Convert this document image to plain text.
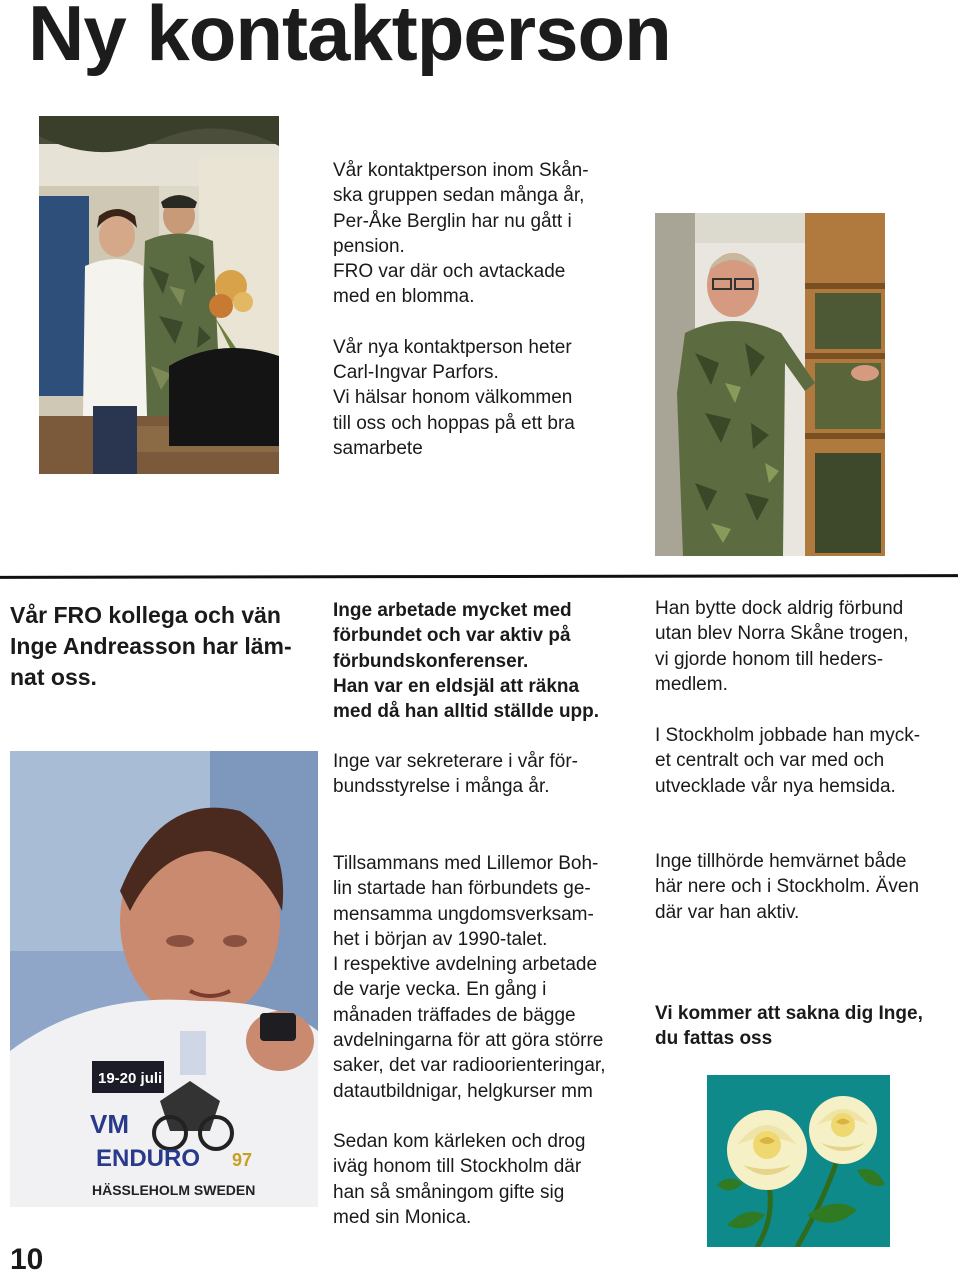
Ny kontaktperson

Vår kontaktperson inom Skån-

ska gruppen sedan många år,

Per-Åke Berglin har nu gått i

pension.

FRO var där och avtackade

med en blomma.

Vår nya kontaktperson heter

Carl-Ingvar Parfors.

Vi hälsar honom välkommen

till oss och hoppas på ett bra

samarbete

Vår FRO kollega och vän
Inge Andreasson har läm-
nat oss.
19-20 juli
VM
ENDURO 97
HÄSSLEHOLM SWEDEN

Inge arbetade mycket med

förbundet och var aktiv på

förbundskonferenser.

Han var en eldsjäl att räkna

med då han alltid ställde upp.

Inge var sekreterare i vår för-

bundsstyrelse i många år.

Han bytte dock aldrig förbund

utan blev Norra Skåne trogen,

vi gjorde honom till heders-

medlem.

I Stockholm jobbade han myck-

et centralt och var med och

utvecklade vår nya hemsida.

Tillsammans med Lillemor Boh-

lin startade han förbundets ge-

mensamma ungdomsverksam-

het i början av 1990-talet.

I respektive avdelning arbetade

de varje vecka. En gång i

månaden träffades de bägge

avdelningarna för att göra större

saker, det var radioorienteringar,

datautbildnigar, helgkurser mm

Sedan kom kärleken och drog

iväg honom till Stockholm där

han så småningom gifte sig

med sin Monica.

Inge tillhörde hemvärnet både

här nere och i Stockholm. Även

där var han aktiv.

Vi kommer att sakna dig Inge,

du fattas oss

10
